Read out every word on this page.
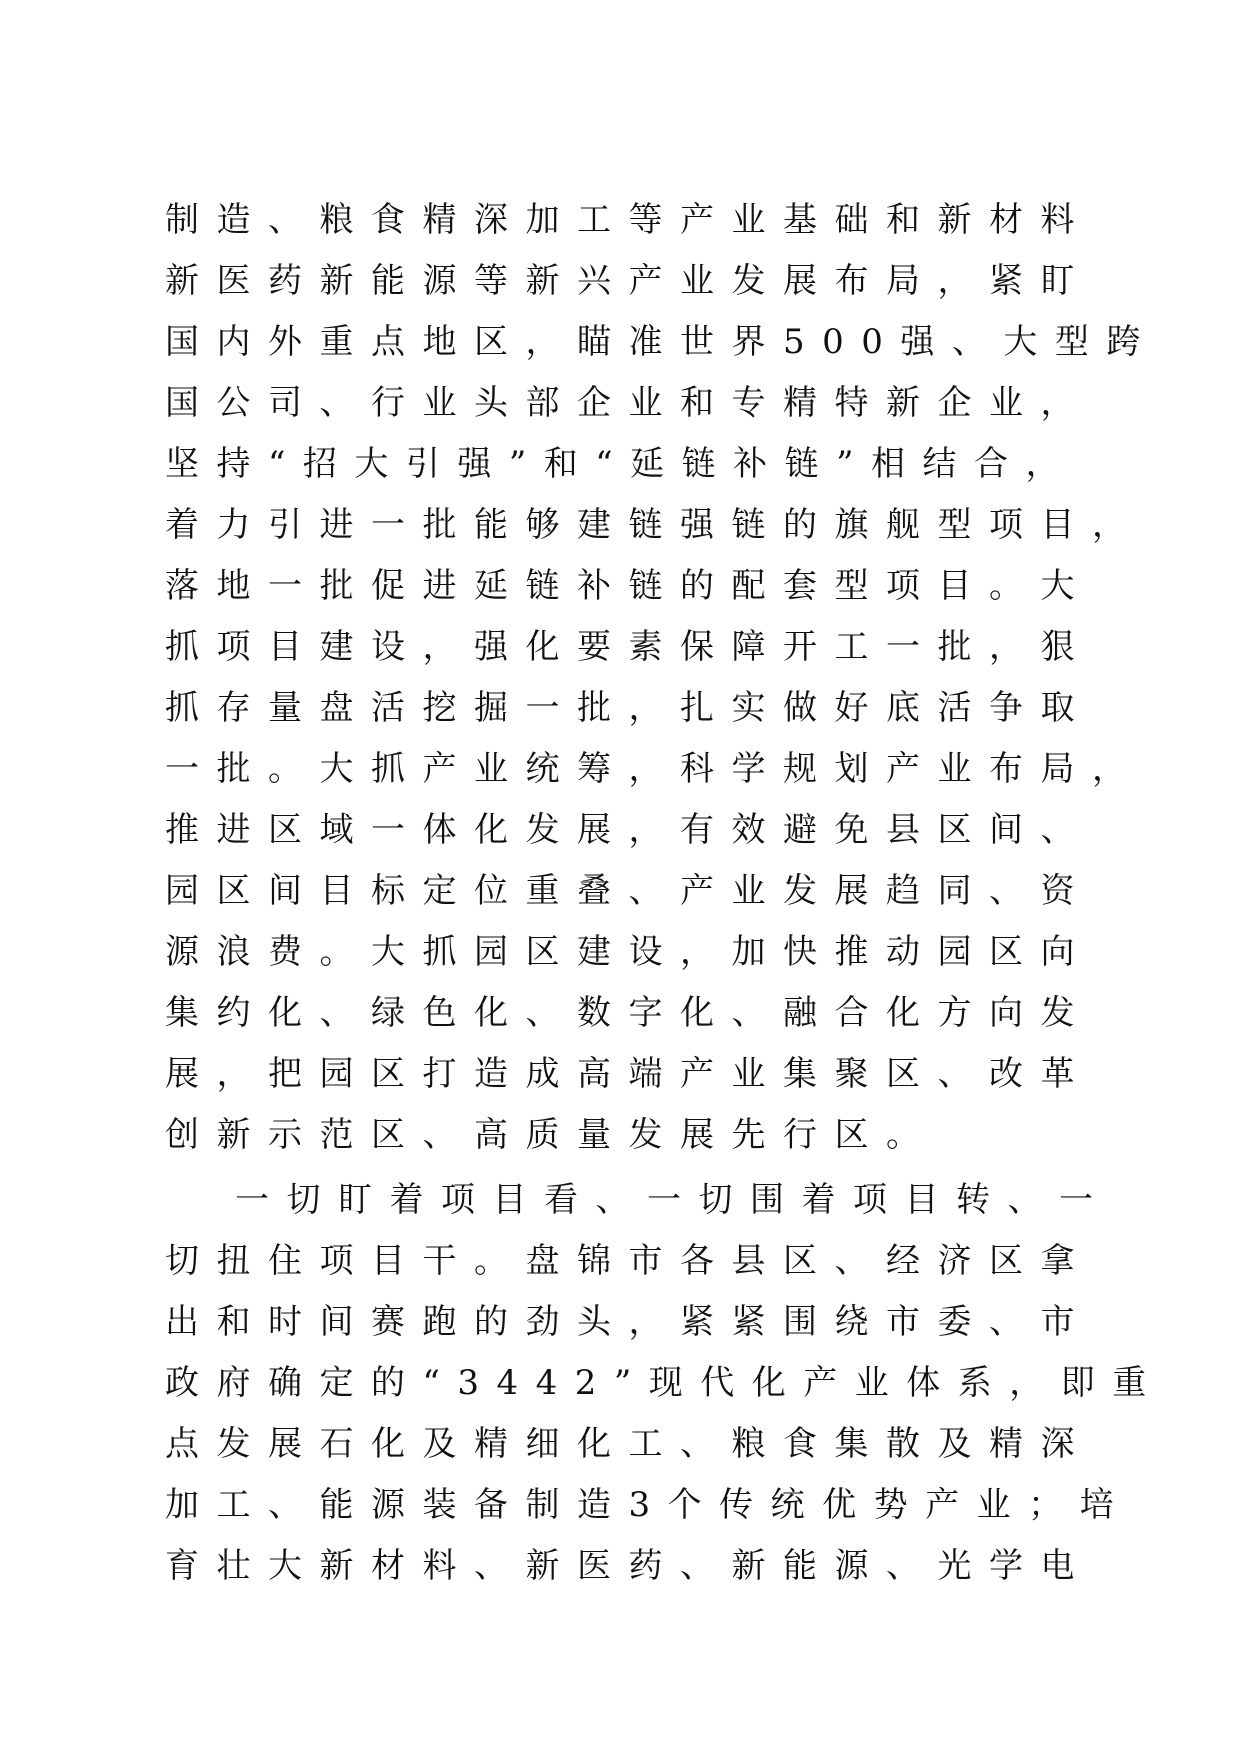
制造、粮食精深加工等产业基础和新材料
新医药新能源等新兴产业发展布局，紧盯
国内外重点地区，瞄准世界500强、大型跨
国公司、行业头部企业和专精特新企业，
坚持“招大引强”和“延链补链”相结合，
着力引进一批能够建链强链的旗舰型项目，
落地一批促进延链补链的配套型项目。大
抓项目建设，强化要素保障开工一批，狠
抓存量盘活挖掘一批，扎实做好底活争取
一批。大抓产业统筹，科学规划产业布局，
推进区域一体化发展，有效避免县区间、
园区间目标定位重叠、产业发展趋同、资
源浪费。大抓园区建设，加快推动园区向
集约化、绿色化、数字化、融合化方向发
展，把园区打造成高端产业集聚区、改革
创新示范区、高质量发展先行区。
一切盯着项目看、一切围着项目转、一
切扭住项目干。盘锦市各县区、经济区拿
出和时间赛跑的劲头，紧紧围绕市委、市
政府确定的“3442”现代化产业体系，即重
点发展石化及精细化工、粮食集散及精深
加工、能源装备制造3个传统优势产业；培
育壮大新材料、新医药、新能源、光学电
